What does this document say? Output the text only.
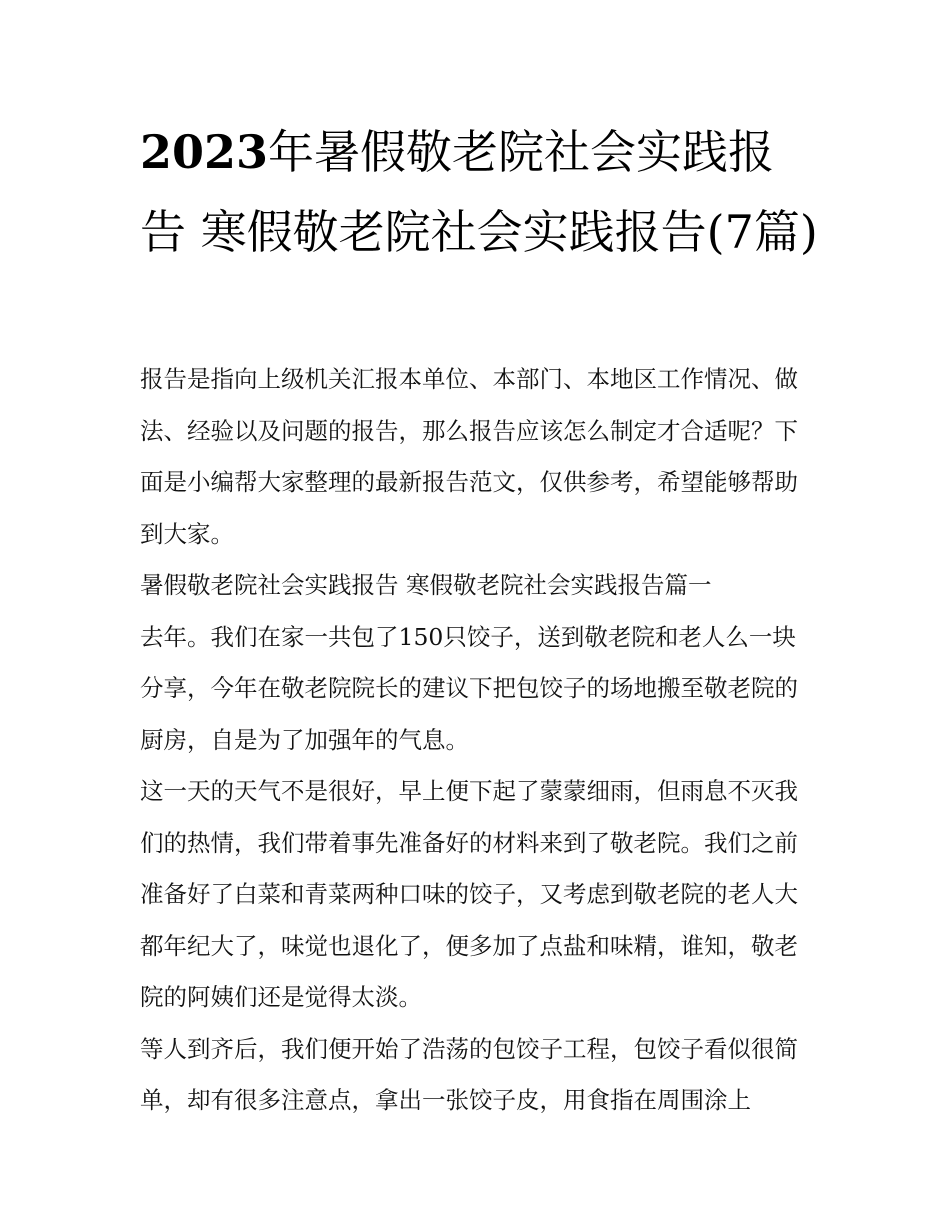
2023年暑假敬老院社会实践报告 寒假敬老院社会实践报告(7篇)

报告是指向上级机关汇报本单位、本部门、本地区工作情况、做法、经验以及问题的报告，那么报告应该怎么制定才合适呢？下面是小编帮大家整理的最新报告范文，仅供参考，希望能够帮助到大家。

暑假敬老院社会实践报告 寒假敬老院社会实践报告篇一

去年。我们在家一共包了150只饺子，送到敬老院和老人么一块分享，今年在敬老院院长的建议下把包饺子的场地搬至敬老院的厨房，自是为了加强年的气息。

这一天的天气不是很好，早上便下起了蒙蒙细雨，但雨息不灭我们的热情，我们带着事先准备好的材料来到了敬老院。我们之前准备好了白菜和青菜两种口味的饺子，又考虑到敬老院的老人大都年纪大了，味觉也退化了，便多加了点盐和味精，谁知，敬老院的阿姨们还是觉得太淡。

等人到齐后，我们便开始了浩荡的包饺子工程，包饺子看似很简单，却有很多注意点，拿出一张饺子皮，用食指在周围涂上
